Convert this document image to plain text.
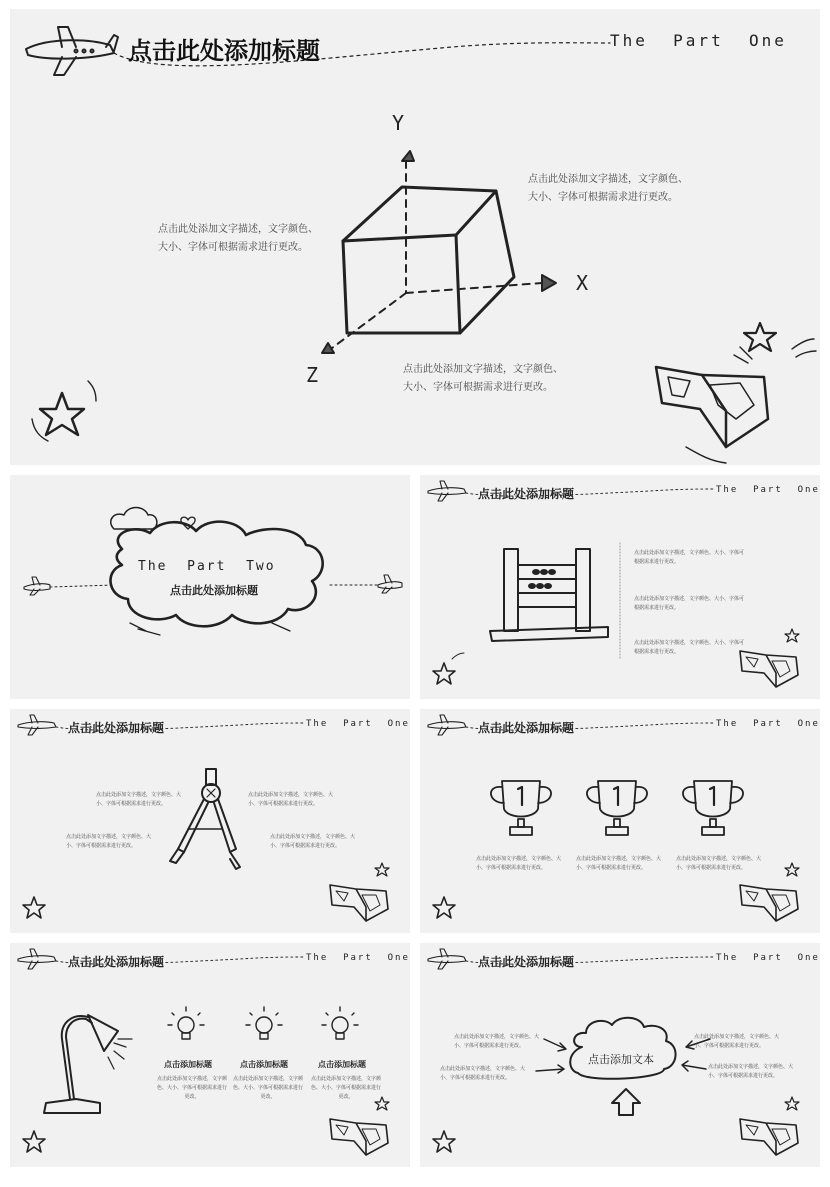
点击此处添加标题	The  Part  One
Y
X
Z
点击此处添加文字描述，文字颜色、大小、字体可根据需求进行更改。
点击此处添加文字描述，文字颜色、大小、字体可根据需求进行更改。
点击此处添加文字描述，文字颜色、大小、字体可根据需求进行更改。
The  Part  Two
点击此处添加标题
点击此处添加标题	The  Part  One
点击此处添加文字描述，文字颜色、大小、字体可根据需求进行更改。
点击此处添加文字描述，文字颜色、大小、字体可根据需求进行更改。
点击此处添加文字描述，文字颜色、大小、字体可根据需求进行更改。
点击此处添加标题	The  Part  One
点击此处添加文字描述，文字颜色、大小、字体可根据需求进行更改。
点击此处添加文字描述，文字颜色、大小、字体可根据需求进行更改。
点击此处添加文字描述，文字颜色、大小、字体可根据需求进行更改。
点击此处添加文字描述，文字颜色、大小、字体可根据需求进行更改。
点击此处添加标题	The  Part  One
点击此处添加文字描述，文字颜色、大小、字体可根据需求进行更改。
点击此处添加文字描述，文字颜色、大小、字体可根据需求进行更改。
点击此处添加文字描述，文字颜色、大小、字体可根据需求进行更改。
点击此处添加标题	The  Part  One
点击添加标题	点击添加标题	点击添加标题
点击此处添加文字描述，文字颜色、大小、字体可根据需求进行更改。
点击此处添加文字描述，文字颜色、大小、字体可根据需求进行更改。
点击此处添加文字描述，文字颜色、大小、字体可根据需求进行更改。
点击此处添加标题	The  Part  One
点击添加文本
点击此处添加文字描述，文字颜色、大小、字体可根据需求进行更改。
点击此处添加文字描述，文字颜色、大小、字体可根据需求进行更改。
点击此处添加文字描述，文字颜色、大小、字体可根据需求进行更改。
点击此处添加文字描述，文字颜色、大小、字体可根据需求进行更改。
